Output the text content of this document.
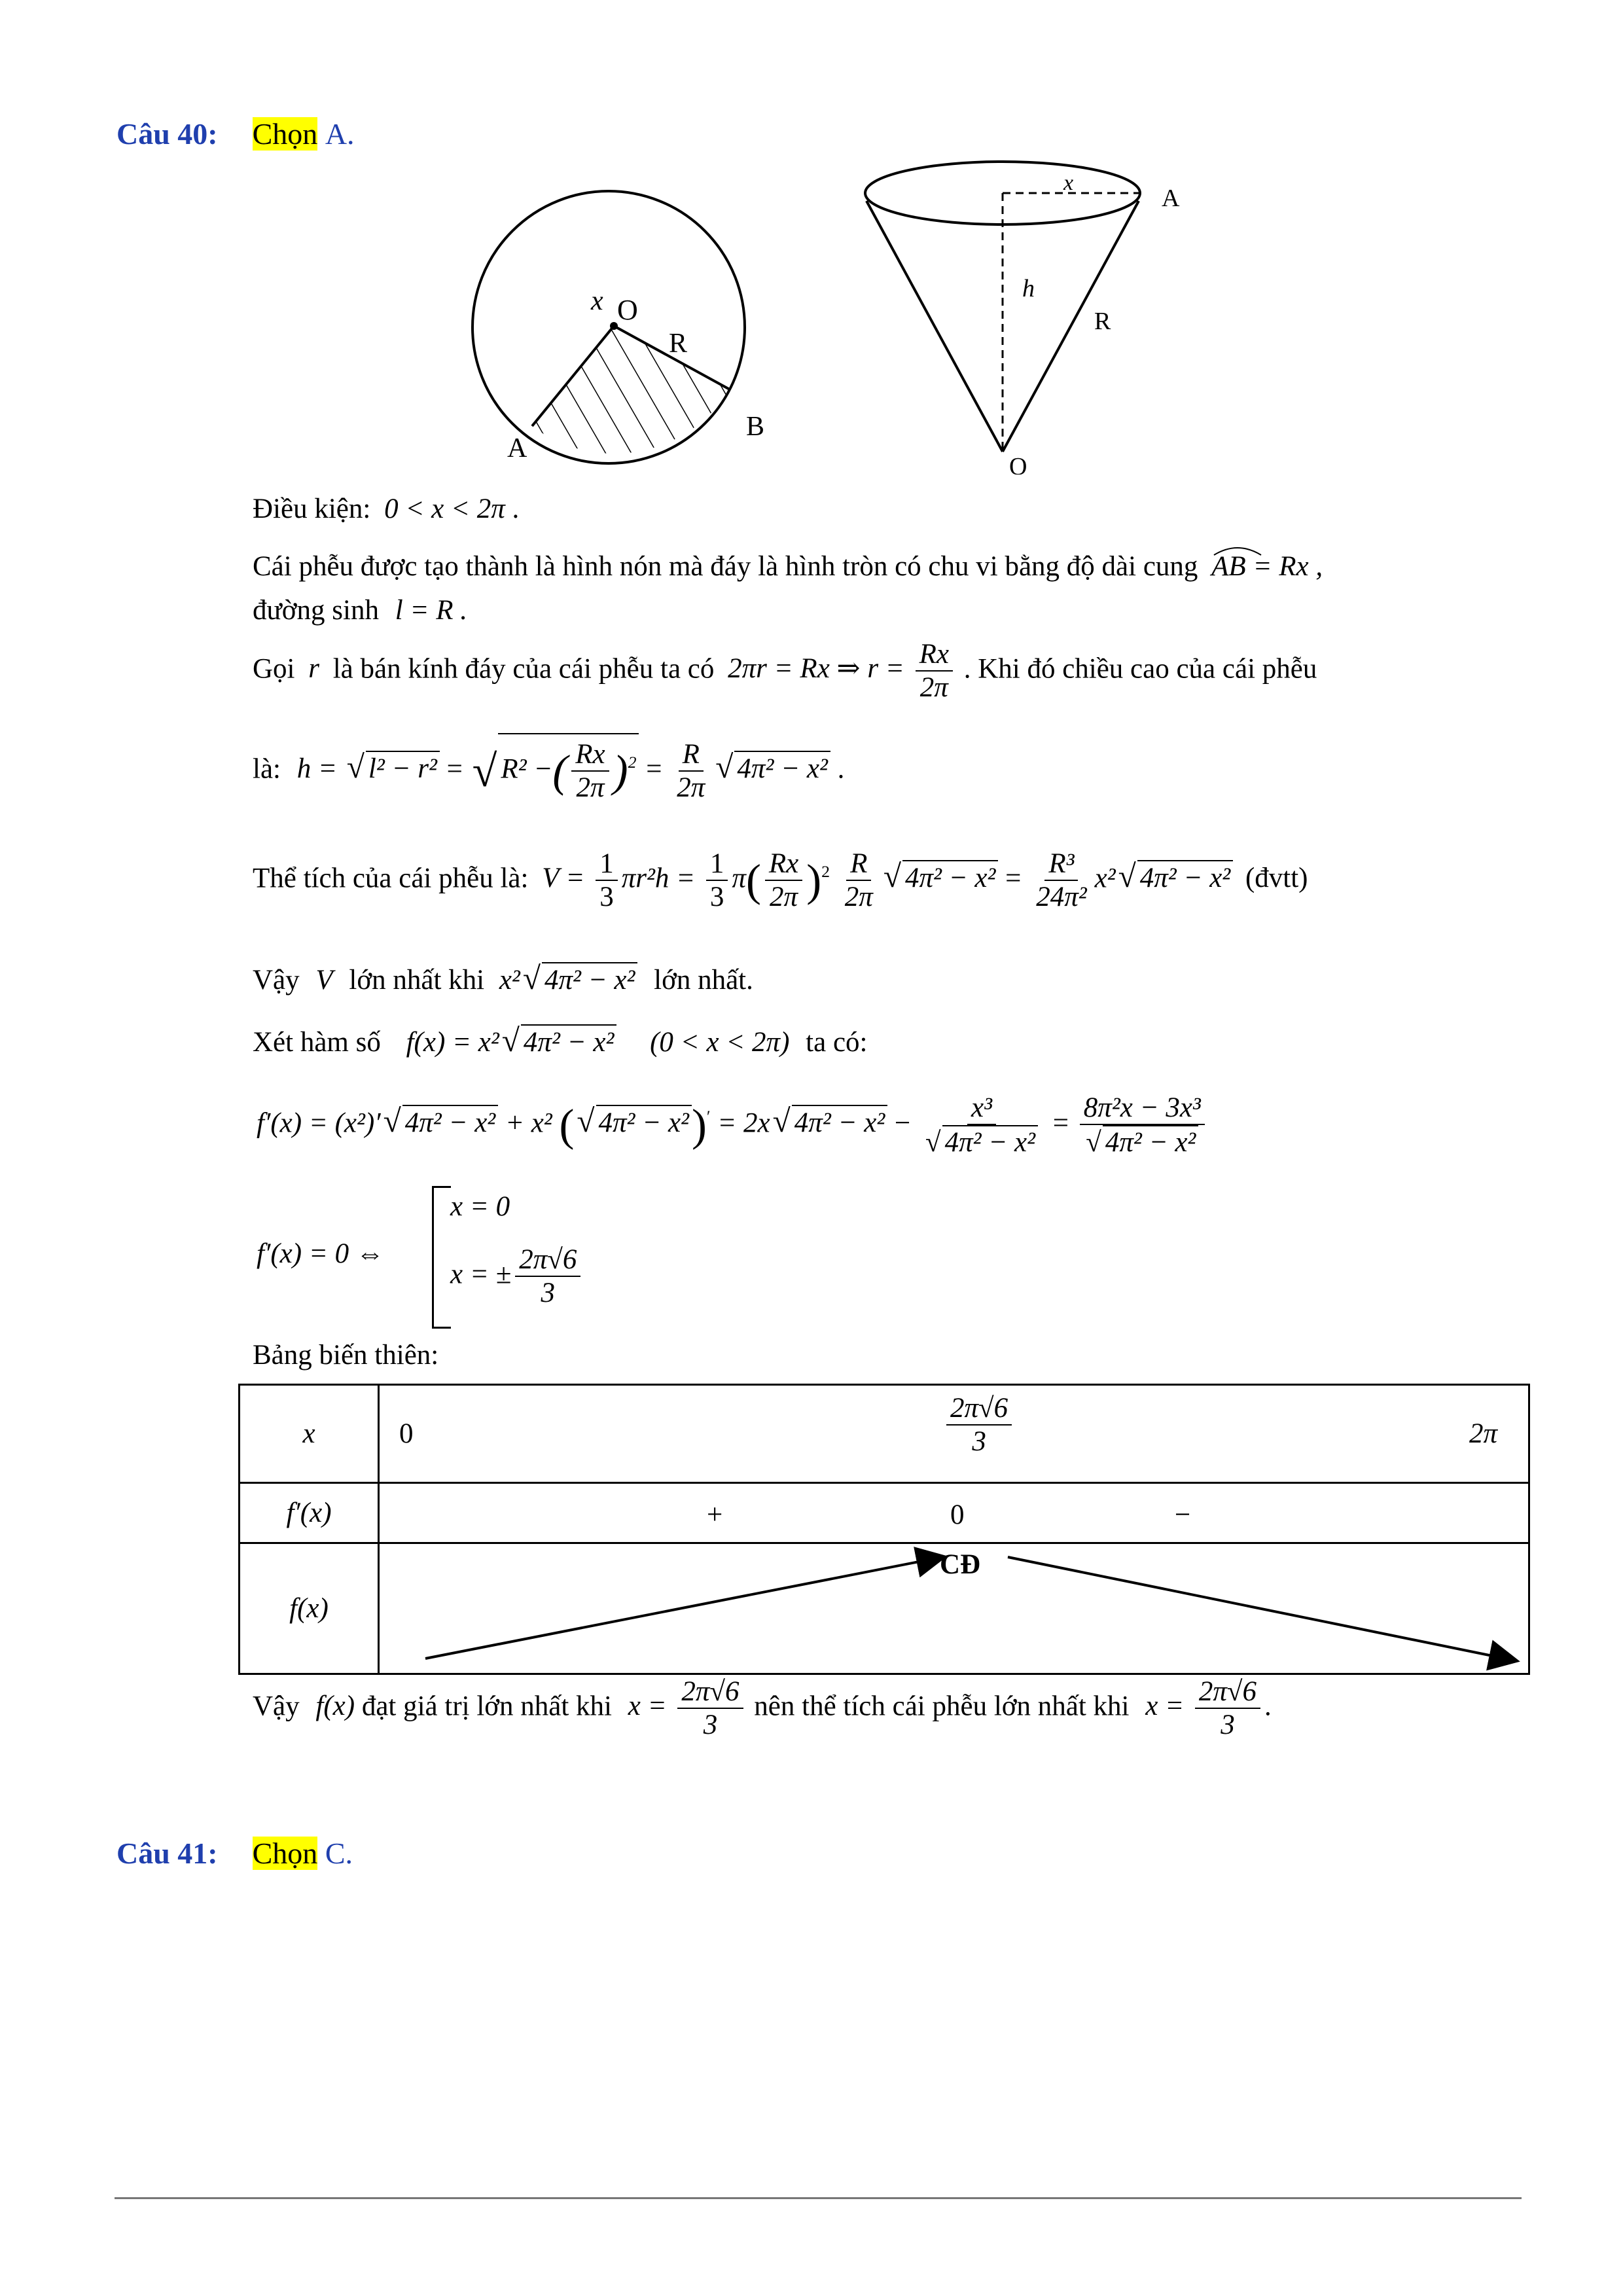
Câu 40: Chọn A.
x O
R
A
B
x
h
R
A
O
Điều kiện: 0 < x < 2π .
Cái phễu được tạo thành là hình nón mà đáy là hình tròn có chu vi bằng độ dài cung AB = Rx ,
đường sinh l = R .
Gọi r là bán kính đáy của cái phễu ta có 2πr = Rx ⇒ $r = \frac{Rx}{2\pi}$ . Khi đó chiều cao của cái phễu
là: h = √ l² − r² = √ R² −( $\frac{Rx}{2\pi} )^2 = \frac{R}{2\pi}$ √ 4π² − x² .
Thể tích của cái phễu là: $V = \frac{1}{3} \pi r^2h = \frac{1}{3} \pi( \frac{Rx}{2\pi} )^2 \frac{R}{2\pi}$ √ $4\pi^2 - x^2 = \frac{\text{R³}}{\text{24π²}} x^2√$ 4π² − x² (đvtt)
Vậy V lớn nhất khi x²√ 4π² − x² lớn nhất.
Xét hàm số f(x) = x²√ 4π² − x² (0 < x < 2π) ta có:
f′(x) = (x²)′√ 4π² − x² + x² (√ 4π² − x²)′ = 2x√ $4\pi^2 - x^2 - \frac{\text{x³}}{\text{√ 4π² − x²}} = \frac{\text{8π²x − 3x³}}{\text{√ 4π² − x²}}$
f′(x) = 0 ⇔
x = 0
x = ± $\frac{2\pi√6}{3}$
Bảng biến thiên:
x	$0 \frac{2\pi√6}{3} 2\pi$

f′(x)	+ 0 −

f(x)	CĐ
Vậy f(x) đạt giá trị lớn nhất khi $x = \frac{2\pi√6}{3}$ nên thể tích cái phễu lớn nhất khi $x = \frac{2\pi√6}{3}$ .
Câu 41: Chọn C.
